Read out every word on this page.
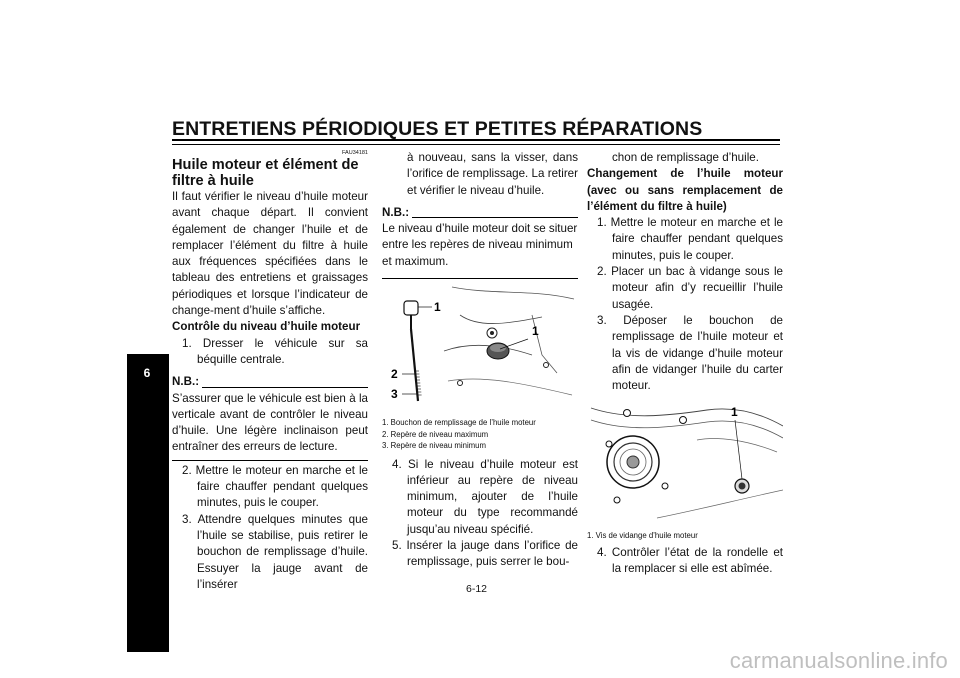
ENTRETIENS PÉRIODIQUES ET PETITES RÉPARATIONS
6
FAU34181
Huile moteur et élément de filtre à huile

Il faut vérifier le niveau d’huile moteur avant chaque départ. Il convient également de changer l’huile et de remplacer l’élément du filtre à huile aux fréquences spécifiées dans le tableau des entretiens et graissages périodiques et lorsque l’indicateur de change-ment d’huile s’affiche.

Contrôle du niveau d’huile moteur

1. Dresser le véhicule sur sa béquille centrale.

N.B.:

S’assurer que le véhicule est bien à la verticale avant de contrôler le niveau d’huile. Une légère inclinaison peut entraîner des erreurs de lecture.

2. Mettre le moteur en marche et le faire chauffer pendant quelques minutes, puis le couper.

3. Attendre quelques minutes que l’huile se stabilise, puis retirer le bouchon de remplissage d’huile. Essuyer la jauge avant de l’insérer

à nouveau, sans la visser, dans l’orifice de remplissage. La retirer et vérifier le niveau d’huile.

N.B.:

Le niveau d’huile moteur doit se situer entre les repères de niveau minimum et maximum.

1
1
2
3

1. Bouchon de remplissage de l’huile moteur

2. Repère de niveau maximum

3. Repère de niveau minimum

4. Si le niveau d’huile moteur est inférieur au repère de niveau minimum, ajouter de l’huile moteur du type recommandé jusqu’au niveau spécifié.

5. Insérer la jauge dans l’orifice de remplissage, puis serrer le bou-

chon de remplissage d’huile.

Changement de l’huile moteur (avec ou sans remplacement de l’élément du filtre à huile)

1. Mettre le moteur en marche et le faire chauffer pendant quelques minutes, puis le couper.

2. Placer un bac à vidange sous le moteur afin d’y recueillir l’huile usagée.

3. Déposer le bouchon de remplissage de l’huile moteur et la vis de vidange d’huile moteur afin de vidanger l’huile du carter moteur.

1

1. Vis de vidange d’huile moteur

4. Contrôler l’état de la rondelle et la remplacer si elle est abîmée.

6-12
carmanualsonline.info
